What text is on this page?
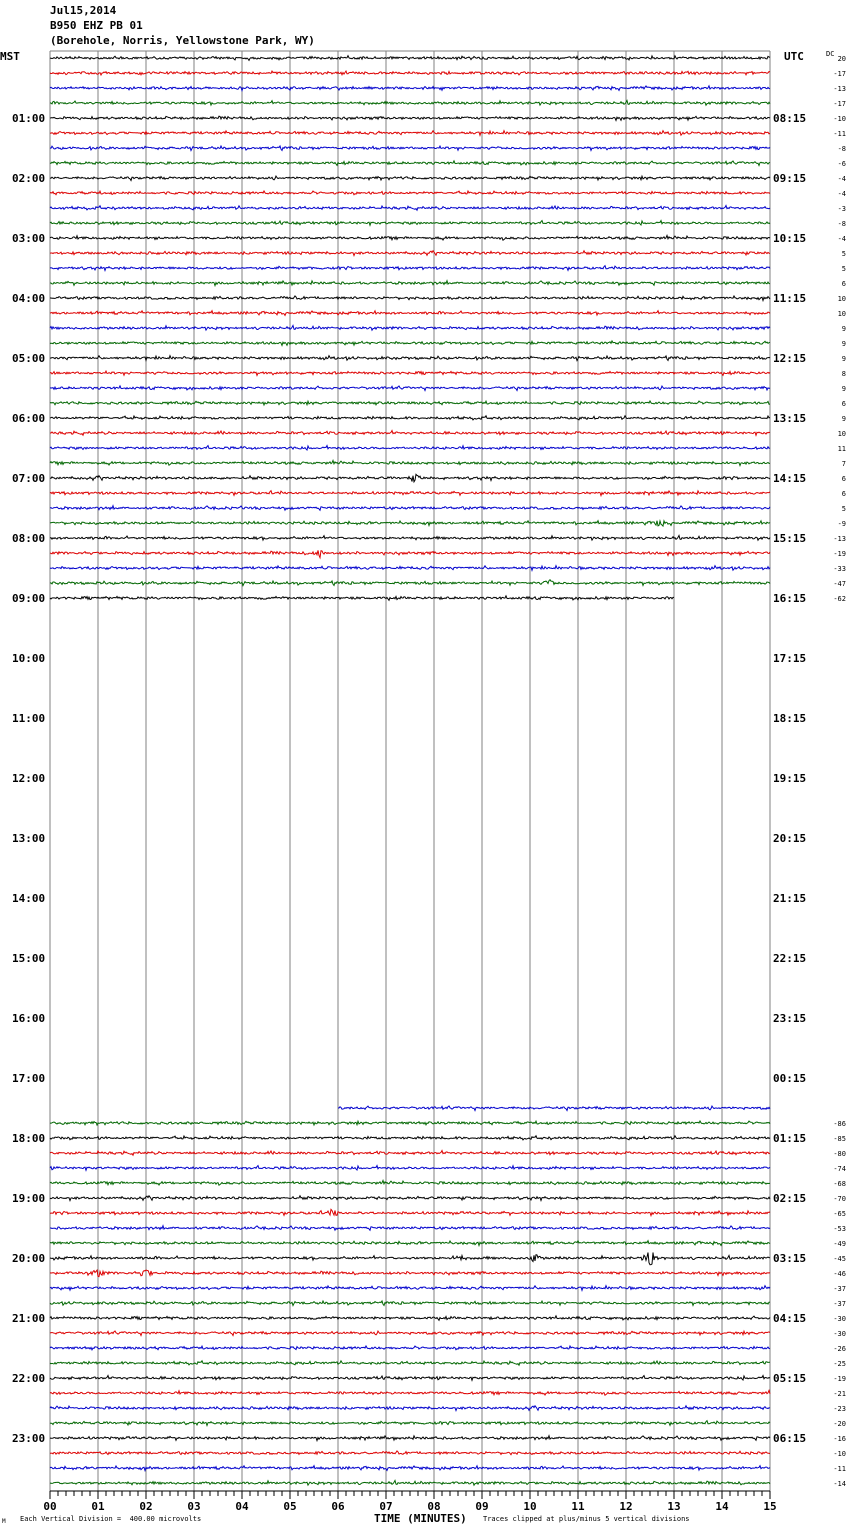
Jul15,2014
B950 EHZ PB 01
(Borehole, Norris, Yellowstone Park, WY)
MST	UTC	DC
01:00
02:00
03:00
04:00
05:00
06:00
07:00
08:00
09:00
10:00
11:00
12:00
13:00
14:00
15:00
16:00
17:00
18:00
19:00
20:00
21:00
22:00
23:00
08:15
09:15
10:15
11:15
12:15
13:15
14:15
15:15
16:15
17:15
18:15
19:15
20:15
21:15
22:15
23:15
00:15
01:15
02:15
03:15
04:15
05:15
06:15
20
-17
-13
-17
-10
-11
-8
-6
-4
-4
-3
-8
-4
5
5
6
10
10
9
9
9
8
9
6
9
10
11
7
6
6
5
-9
-13
-19
-33
-47
-62
-86
-85
-80
-74
-68
-70
-65
-53
-49
-45
-46
-37
-37
-30
-30
-26
-25
-19
-21
-23
-20
-16
-10
-11
-14
00	01	02	03	04	05	06	07	08	09	10	11	12	13	14	15
M Each Vertical Division =  400.00 microvolts	TIME (MINUTES) Traces clipped at plus/minus 5 vertical divisions
